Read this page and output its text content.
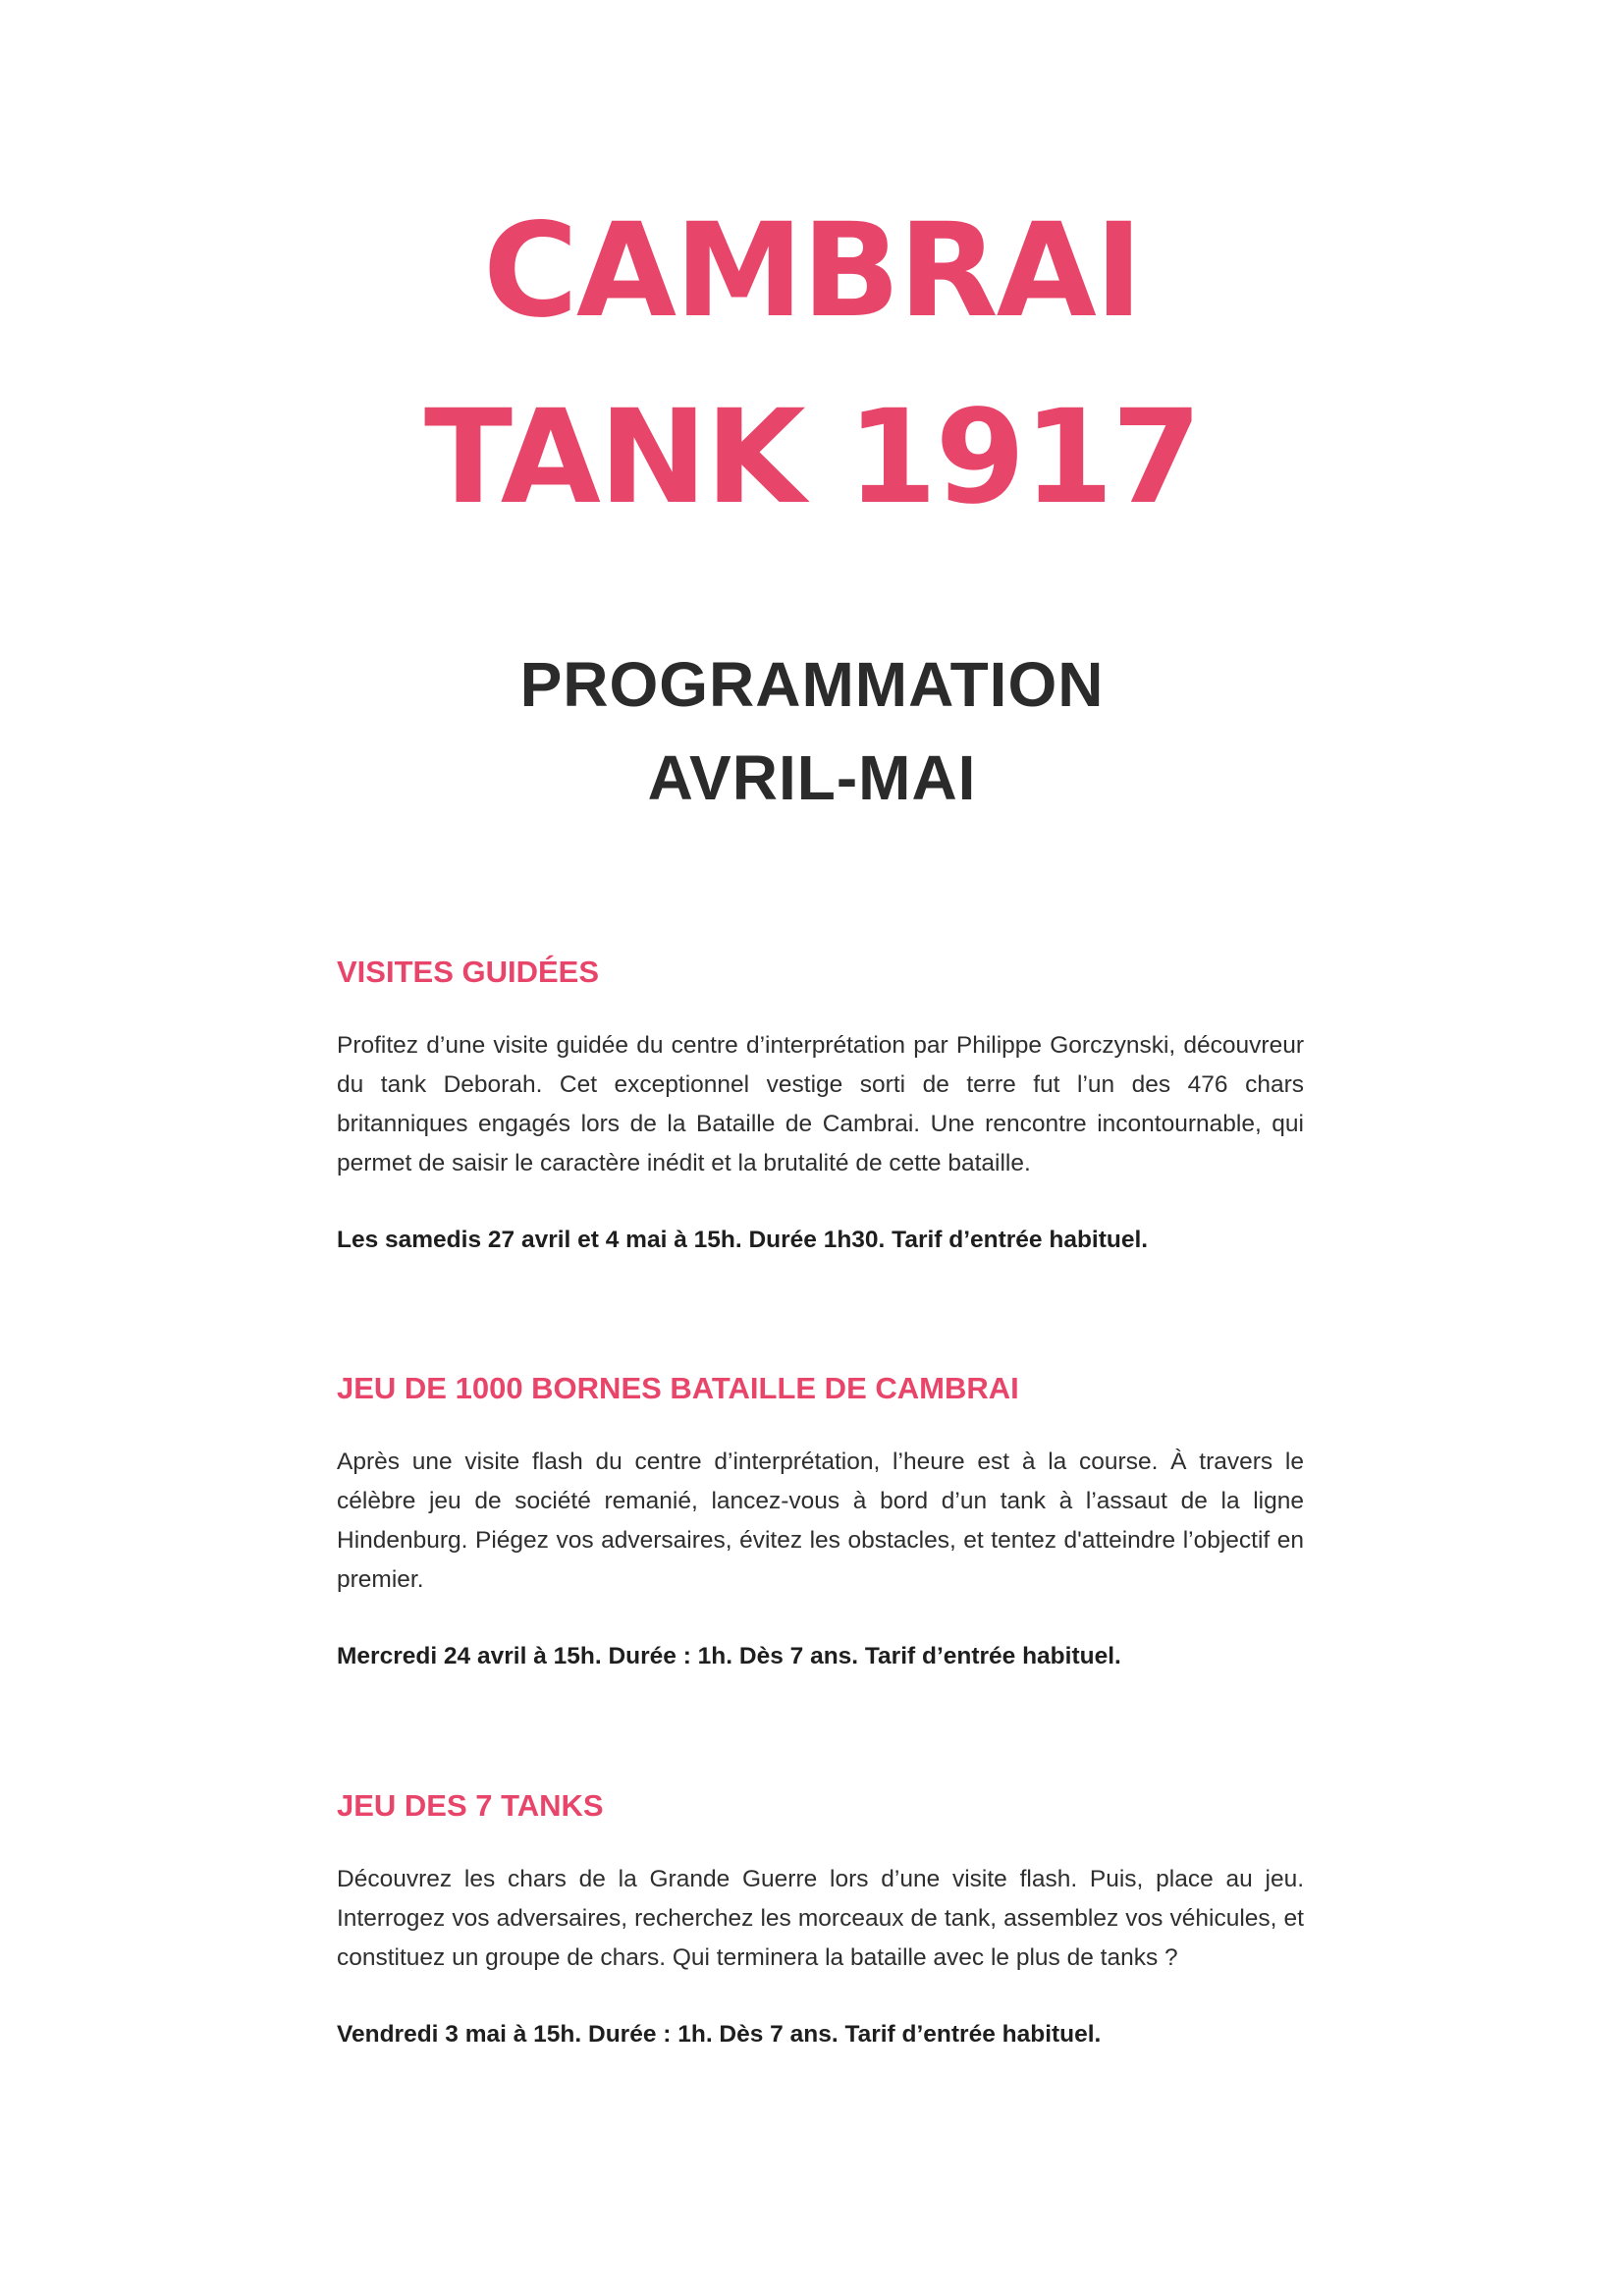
CAMBRAI
TANK 1917
PROGRAMMATION
AVRIL-MAI
VISITES GUIDÉES

Profitez d’une visite guidée du centre d’interprétation par Philippe Gorczynski, découvreur du tank Deborah. Cet exceptionnel vestige sorti de terre fut l’un des 476 chars britanniques engagés lors de la Bataille de Cambrai. Une rencontre incontournable, qui permet de saisir le caractère inédit et la brutalité de cette bataille.

Les samedis 27 avril et 4 mai à 15h. Durée 1h30. Tarif d’entrée habituel.

JEU DE 1000 BORNES BATAILLE DE CAMBRAI

Après une visite flash du centre d’interprétation, l’heure est à la course. À travers le célèbre jeu de société remanié, lancez-vous à bord d’un tank à l’assaut de la ligne Hindenburg. Piégez vos adversaires, évitez les obstacles, et tentez d'atteindre l’objectif en premier.

Mercredi 24 avril à 15h. Durée : 1h. Dès 7 ans. Tarif d’entrée habituel.

JEU DES 7 TANKS

Découvrez les chars de la Grande Guerre lors d’une visite flash. Puis, place au jeu. Interrogez vos adversaires, recherchez les morceaux de tank, assemblez vos véhicules, et constituez un groupe de chars. Qui terminera la bataille avec le plus de tanks ?

Vendredi 3 mai à 15h. Durée : 1h. Dès 7 ans. Tarif d’entrée habituel.
